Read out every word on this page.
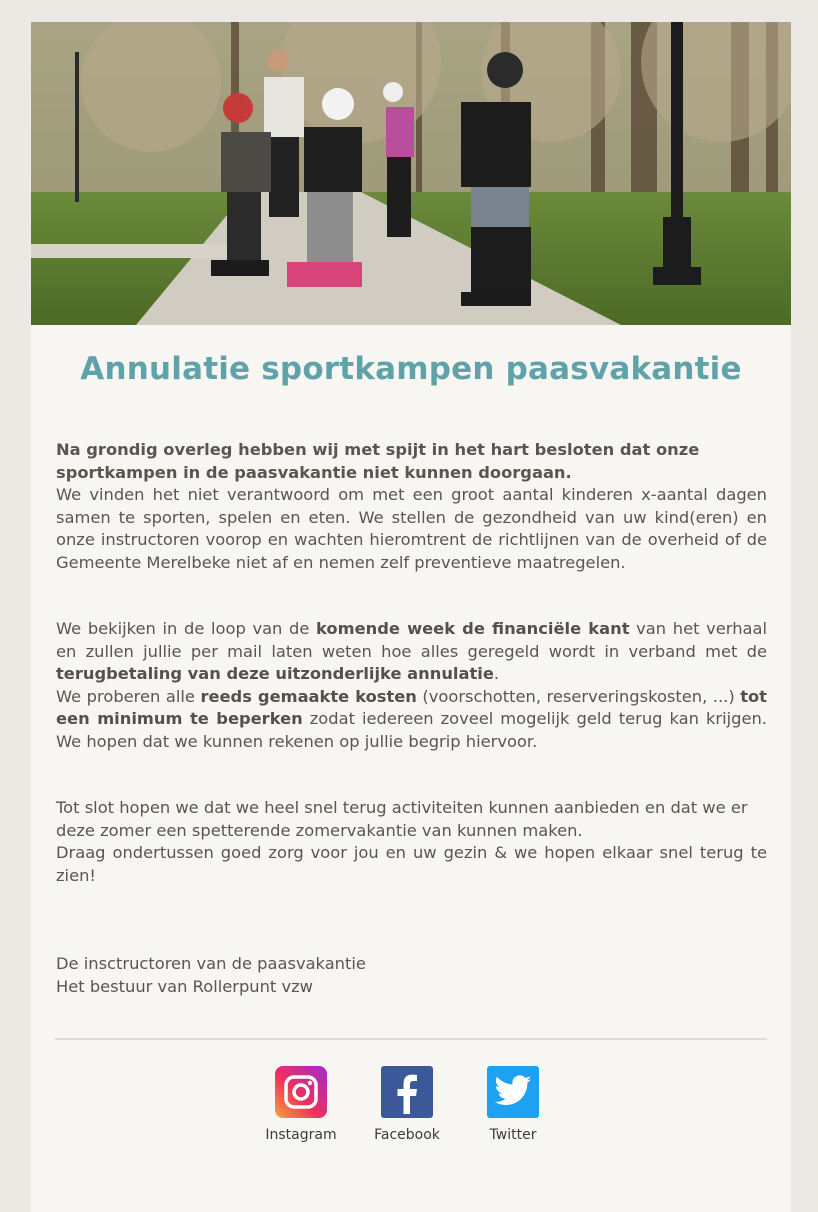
Annulatie sportkampen paasvakantie

Na grondig overleg hebben wij met spijt in het hart besloten dat onze sportkampen in de paasvakantie niet kunnen doorgaan.

We vinden het niet verantwoord om met een groot aantal kinderen x-aantal dagen samen te sporten, spelen en eten. We stellen de gezondheid van uw kind(eren) en onze instructoren voorop en wachten hieromtrent de richtlijnen van de overheid of de Gemeente Merelbeke niet af en nemen zelf preventieve maatregelen.

We bekijken in de loop van de komende week de financiële kant van het verhaal en zullen jullie per mail laten weten hoe alles geregeld wordt in verband met de terugbetaling van deze uitzonderlijke annulatie.

We proberen alle reeds gemaakte kosten (voorschotten, reserveringskosten, ...) tot een minimum te beperken zodat iedereen zoveel mogelijk geld terug kan krijgen. We hopen dat we kunnen rekenen op jullie begrip hiervoor.

Tot slot hopen we dat we heel snel terug activiteiten kunnen aanbieden en dat we er deze zomer een spetterende zomervakantie van kunnen maken.

Draag ondertussen goed zorg voor jou en uw gezin & we hopen elkaar snel terug te zien!

De insctructoren van de paasvakantie

Het bestuur van Rollerpunt vzw

Instagram	Facebook	Twitter
